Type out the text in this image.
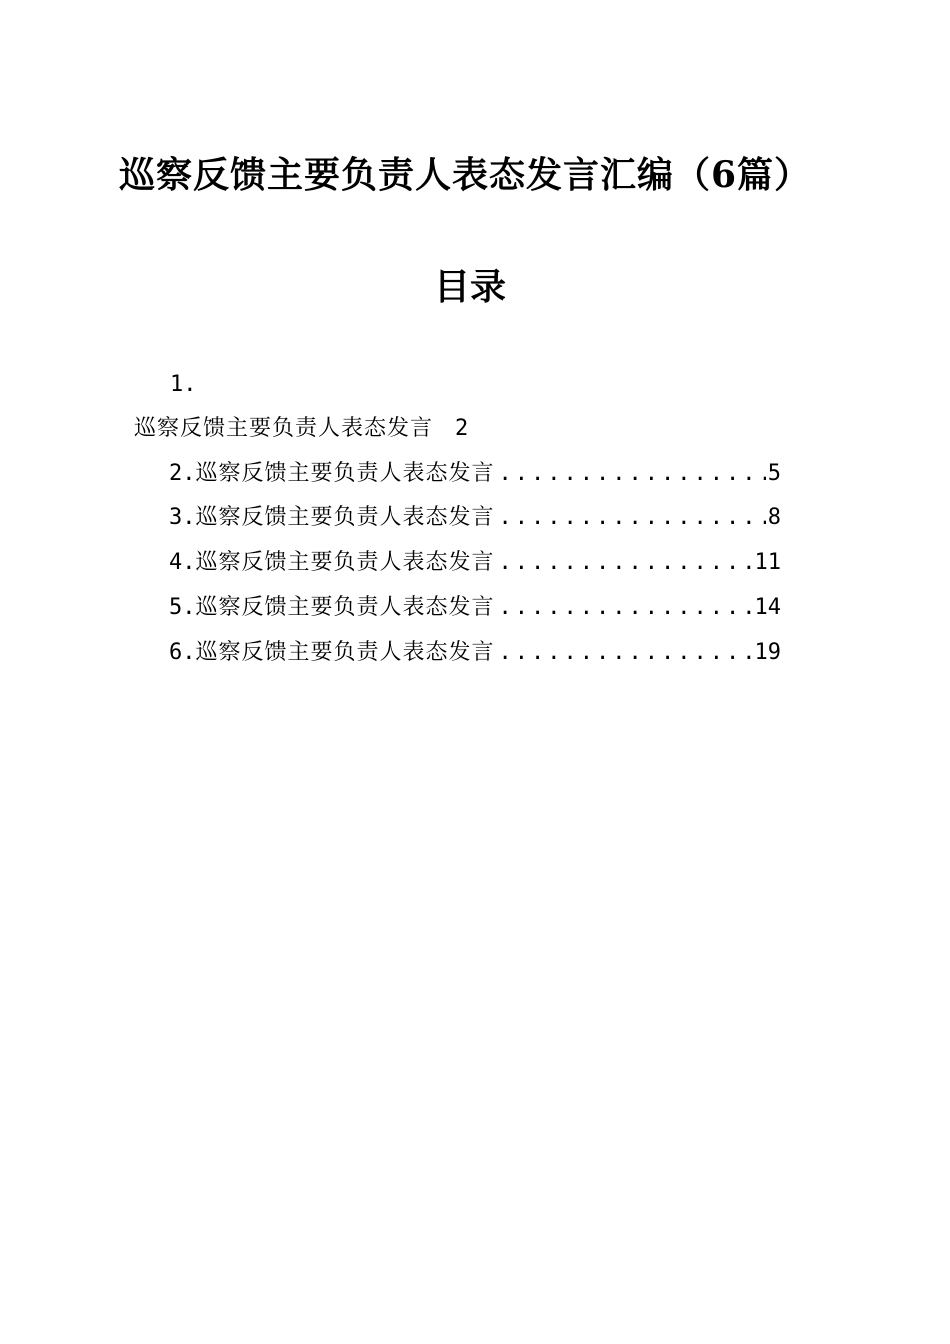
巡察反馈主要负责人表态发言汇编（6篇）
目录
1.
巡察反馈主要负责人表态发言 2
2. 巡察反馈主要负责人表态发言 .....	5
3. 巡察反馈主要负责人表态发言 .....	8
4. 巡察反馈主要负责人表态发言 .....	11
5. 巡察反馈主要负责人表态发言 .....	14
6. 巡察反馈主要负责人表态发言 .....	19
